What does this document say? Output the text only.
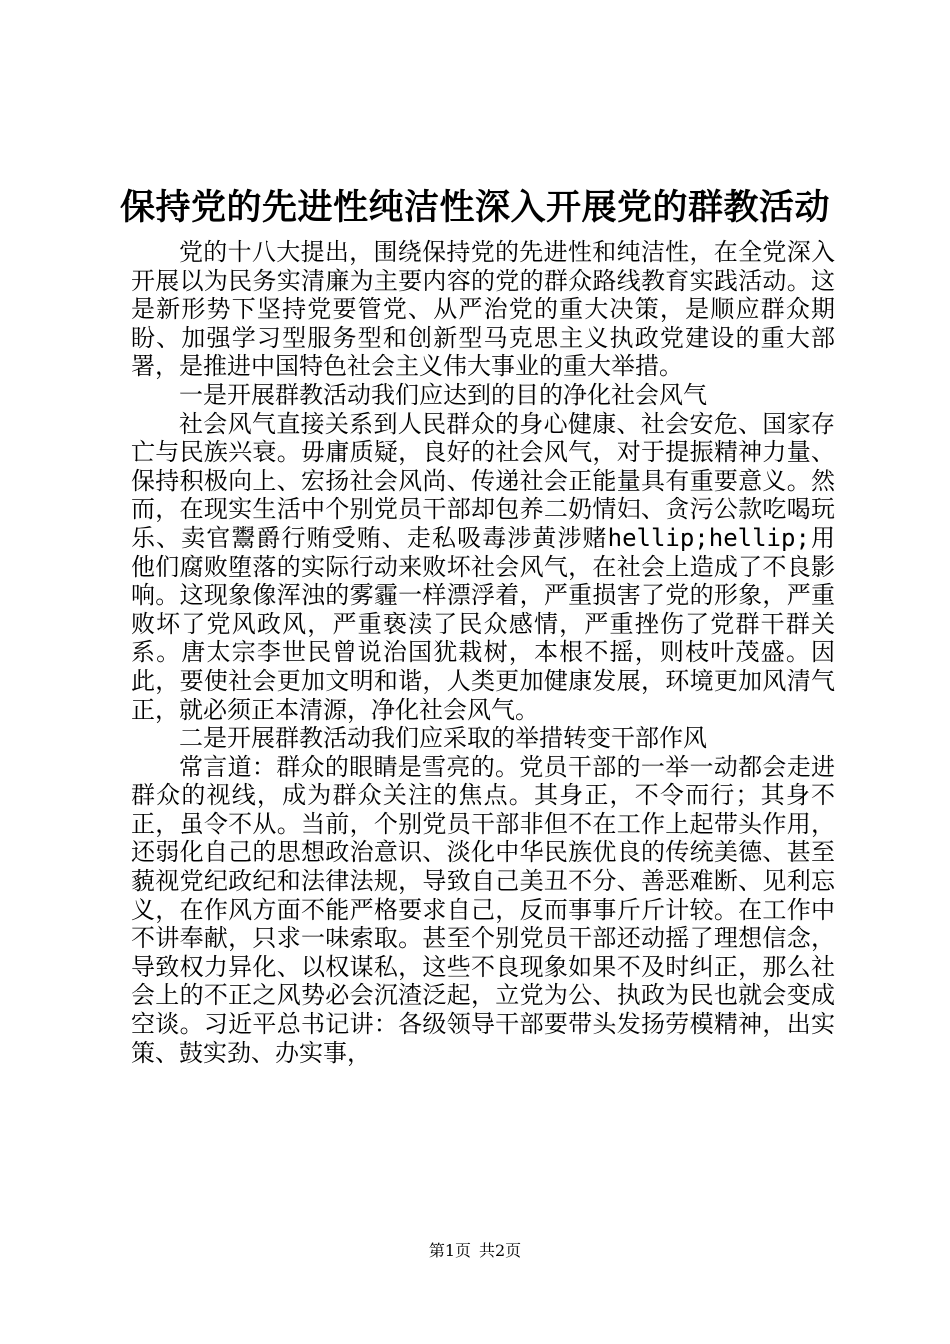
保持党的先进性纯洁性深入开展党的群教活动

党的十八大提出，围绕保持党的先进性和纯洁性，在全党深入开展以为民务实清廉为主要内容的党的群众路线教育实践活动。这是新形势下坚持党要管党、从严治党的重大决策，是顺应群众期盼、加强学习型服务型和创新型马克思主义执政党建设的重大部署，是推进中国特色社会主义伟大事业的重大举措。

一是开展群教活动我们应达到的目的净化社会风气

社会风气直接关系到人民群众的身心健康、社会安危、国家存亡与民族兴衰。毋庸质疑，良好的社会风气，对于提振精神力量、保持积极向上、宏扬社会风尚、传递社会正能量具有重要意义。然而，在现实生活中个别党员干部却包养二奶情妇、贪污公款吃喝玩乐、卖官鬻爵行贿受贿、走私吸毒涉黄涉赌hellip;hellip;用他们腐败堕落的实际行动来败坏社会风气，在社会上造成了不良影响。这现象像浑浊的雾霾一样漂浮着，严重损害了党的形象，严重败坏了党风政风，严重亵渎了民众感情，严重挫伤了党群干群关系。唐太宗李世民曾说治国犹栽树，本根不摇，则枝叶茂盛。因此，要使社会更加文明和谐，人类更加健康发展，环境更加风清气正，就必须正本清源，净化社会风气。

二是开展群教活动我们应采取的举措转变干部作风

常言道：群众的眼睛是雪亮的。党员干部的一举一动都会走进群众的视线，成为群众关注的焦点。其身正，不令而行；其身不正，虽令不从。当前，个别党员干部非但不在工作上起带头作用，还弱化自己的思想政治意识、淡化中华民族优良的传统美德、甚至藐视党纪政纪和法律法规，导致自己美丑不分、善恶难断、见利忘义，在作风方面不能严格要求自己，反而事事斤斤计较。在工作中不讲奉献，只求一味索取。甚至个别党员干部还动摇了理想信念，导致权力异化、以权谋私，这些不良现象如果不及时纠正，那么社会上的不正之风势必会沉渣泛起，立党为公、执政为民也就会变成空谈。习近平总书记讲：各级领导干部要带头发扬劳模精神，出实策、鼓实劲、办实事，

第1页 共2页
